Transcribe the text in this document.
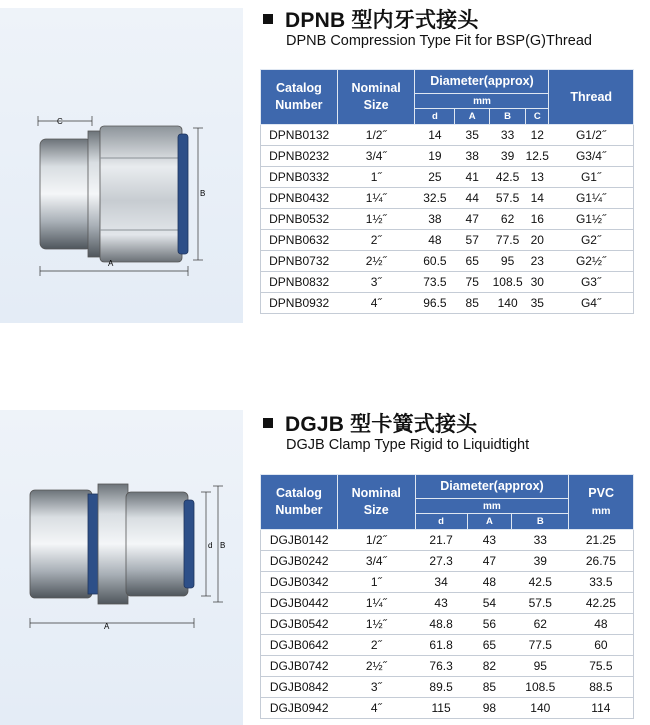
C
B
A
DPNB 型内牙式接头
DPNB Compression Type Fit for BSP(G)Thread
Catalog
Number	Nominal
Size	Diameter(approx)				Thread
		mm				
		d	A	B	C	
DPNB0132	1/2˝	14	35	33	12	G1/2˝
DPNB0232	3/4˝	19	38	39	12.5	G3/4˝
DPNB0332	1˝	25	41	42.5	13	G1˝
DPNB0432	1¼˝	32.5	44	57.5	14	G1¼˝
DPNB0532	1½˝	38	47	62	16	G1½˝
DPNB0632	2˝	48	57	77.5	20	G2˝
DPNB0732	2½˝	60.5	65	95	23	G2½˝
DPNB0832	3˝	73.5	75	108.5	30	G3˝
DPNB0932	4˝	96.5	85	140	35	G4˝
d B
A
DGJB 型卡簧式接头
DGJB Clamp Type Rigid to Liquidtight
Catalog
Number	Nominal
Size	Diameter(approx)			PVC
mm
		mm			
		d	A	B	
DGJB0142	1/2˝	21.7	43	33	21.25
DGJB0242	3/4˝	27.3	47	39	26.75
DGJB0342	1˝	34	48	42.5	33.5
DGJB0442	1¼˝	43	54	57.5	42.25
DGJB0542	1½˝	48.8	56	62	48
DGJB0642	2˝	61.8	65	77.5	60
DGJB0742	2½˝	76.3	82	95	75.5
DGJB0842	3˝	89.5	85	108.5	88.5
DGJB0942	4˝	115	98	140	114
